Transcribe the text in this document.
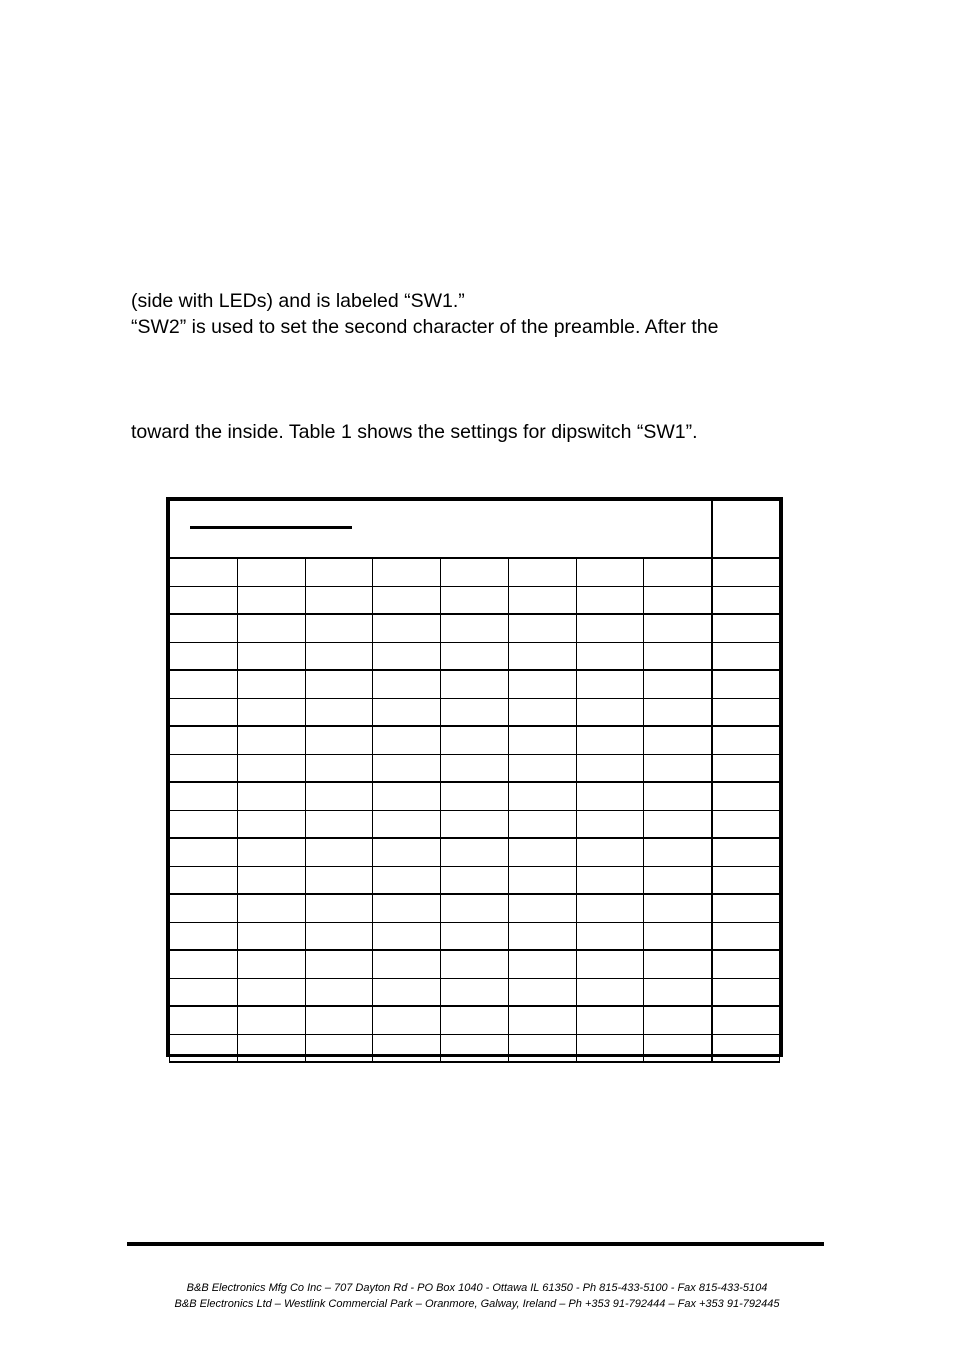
(side with LEDs) and is labeled “SW1.”

“SW2” is used to set the second character of the preamble. After the

toward the inside. Table 1 shows the settings for dipswitch “SW1”.

B&B Electronics Mfg Co Inc – 707 Dayton Rd - PO Box 1040 - Ottawa IL 61350 - Ph 815-433-5100 - Fax 815-433-5104

B&B Electronics Ltd – Westlink Commercial Park – Oranmore, Galway, Ireland – Ph +353 91-792444 – Fax +353 91-792445
